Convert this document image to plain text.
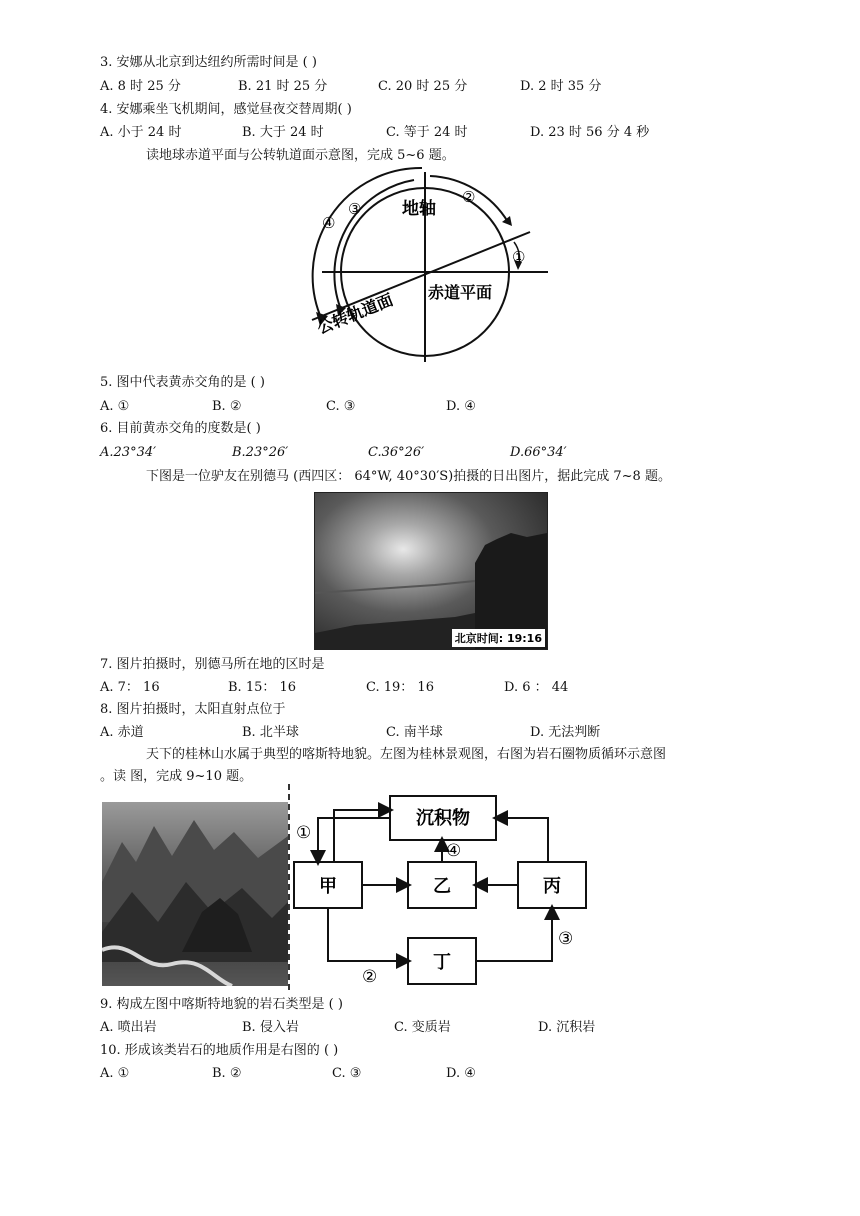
3. 安娜从北京到达纽约所需时间是 ( )
A. 8 时 25 分	B. 21 时 25 分	C. 20 时 25 分	D. 2 时 35 分
4. 安娜乘坐飞机期间，感觉昼夜交替周期( )
A. 小于 24 时	B. 大于 24 时	C. 等于 24 时	D. 23 时 56 分 4 秒
读地球赤道平面与公转轨道面示意图，完成 5~6 题。
地轴
赤道平面
公转轨道面
①
②
③
④
5. 图中代表黄赤交角的是 ( )
A. ①	B. ②	C. ③	D. ④
6. 目前黄赤交角的度数是( )
A.23°34′	B.23°26′	C.36°26′	D.66°34′
下图是一位驴友在别德马 (西四区： 64°W, 40°30′S)拍摄的日出图片，据此完成 7~8 题。
北京时间: 19:16
7. 图片拍摄时，别德马所在地的区时是
A. 7： 16	B. 15： 16	C. 19： 16	D. 6 ： 44
8. 图片拍摄时，太阳直射点位于
A. 赤道	B. 北半球	C. 南半球	D. 无法判断
天下的桂林山水属于典型的喀斯特地貌。左图为桂林景观图，右图为岩石圈物质循环示意图
。读 图，完成 9~10 题。
沉积物
甲	乙	丙
丁
①
②
③
④
9. 构成左图中喀斯特地貌的岩石类型是 ( )
A. 喷出岩	B. 侵入岩	C. 变质岩	D. 沉积岩
10. 形成该类岩石的地质作用是右图的 ( )
A. ①	B. ②	C. ③	D. ④
